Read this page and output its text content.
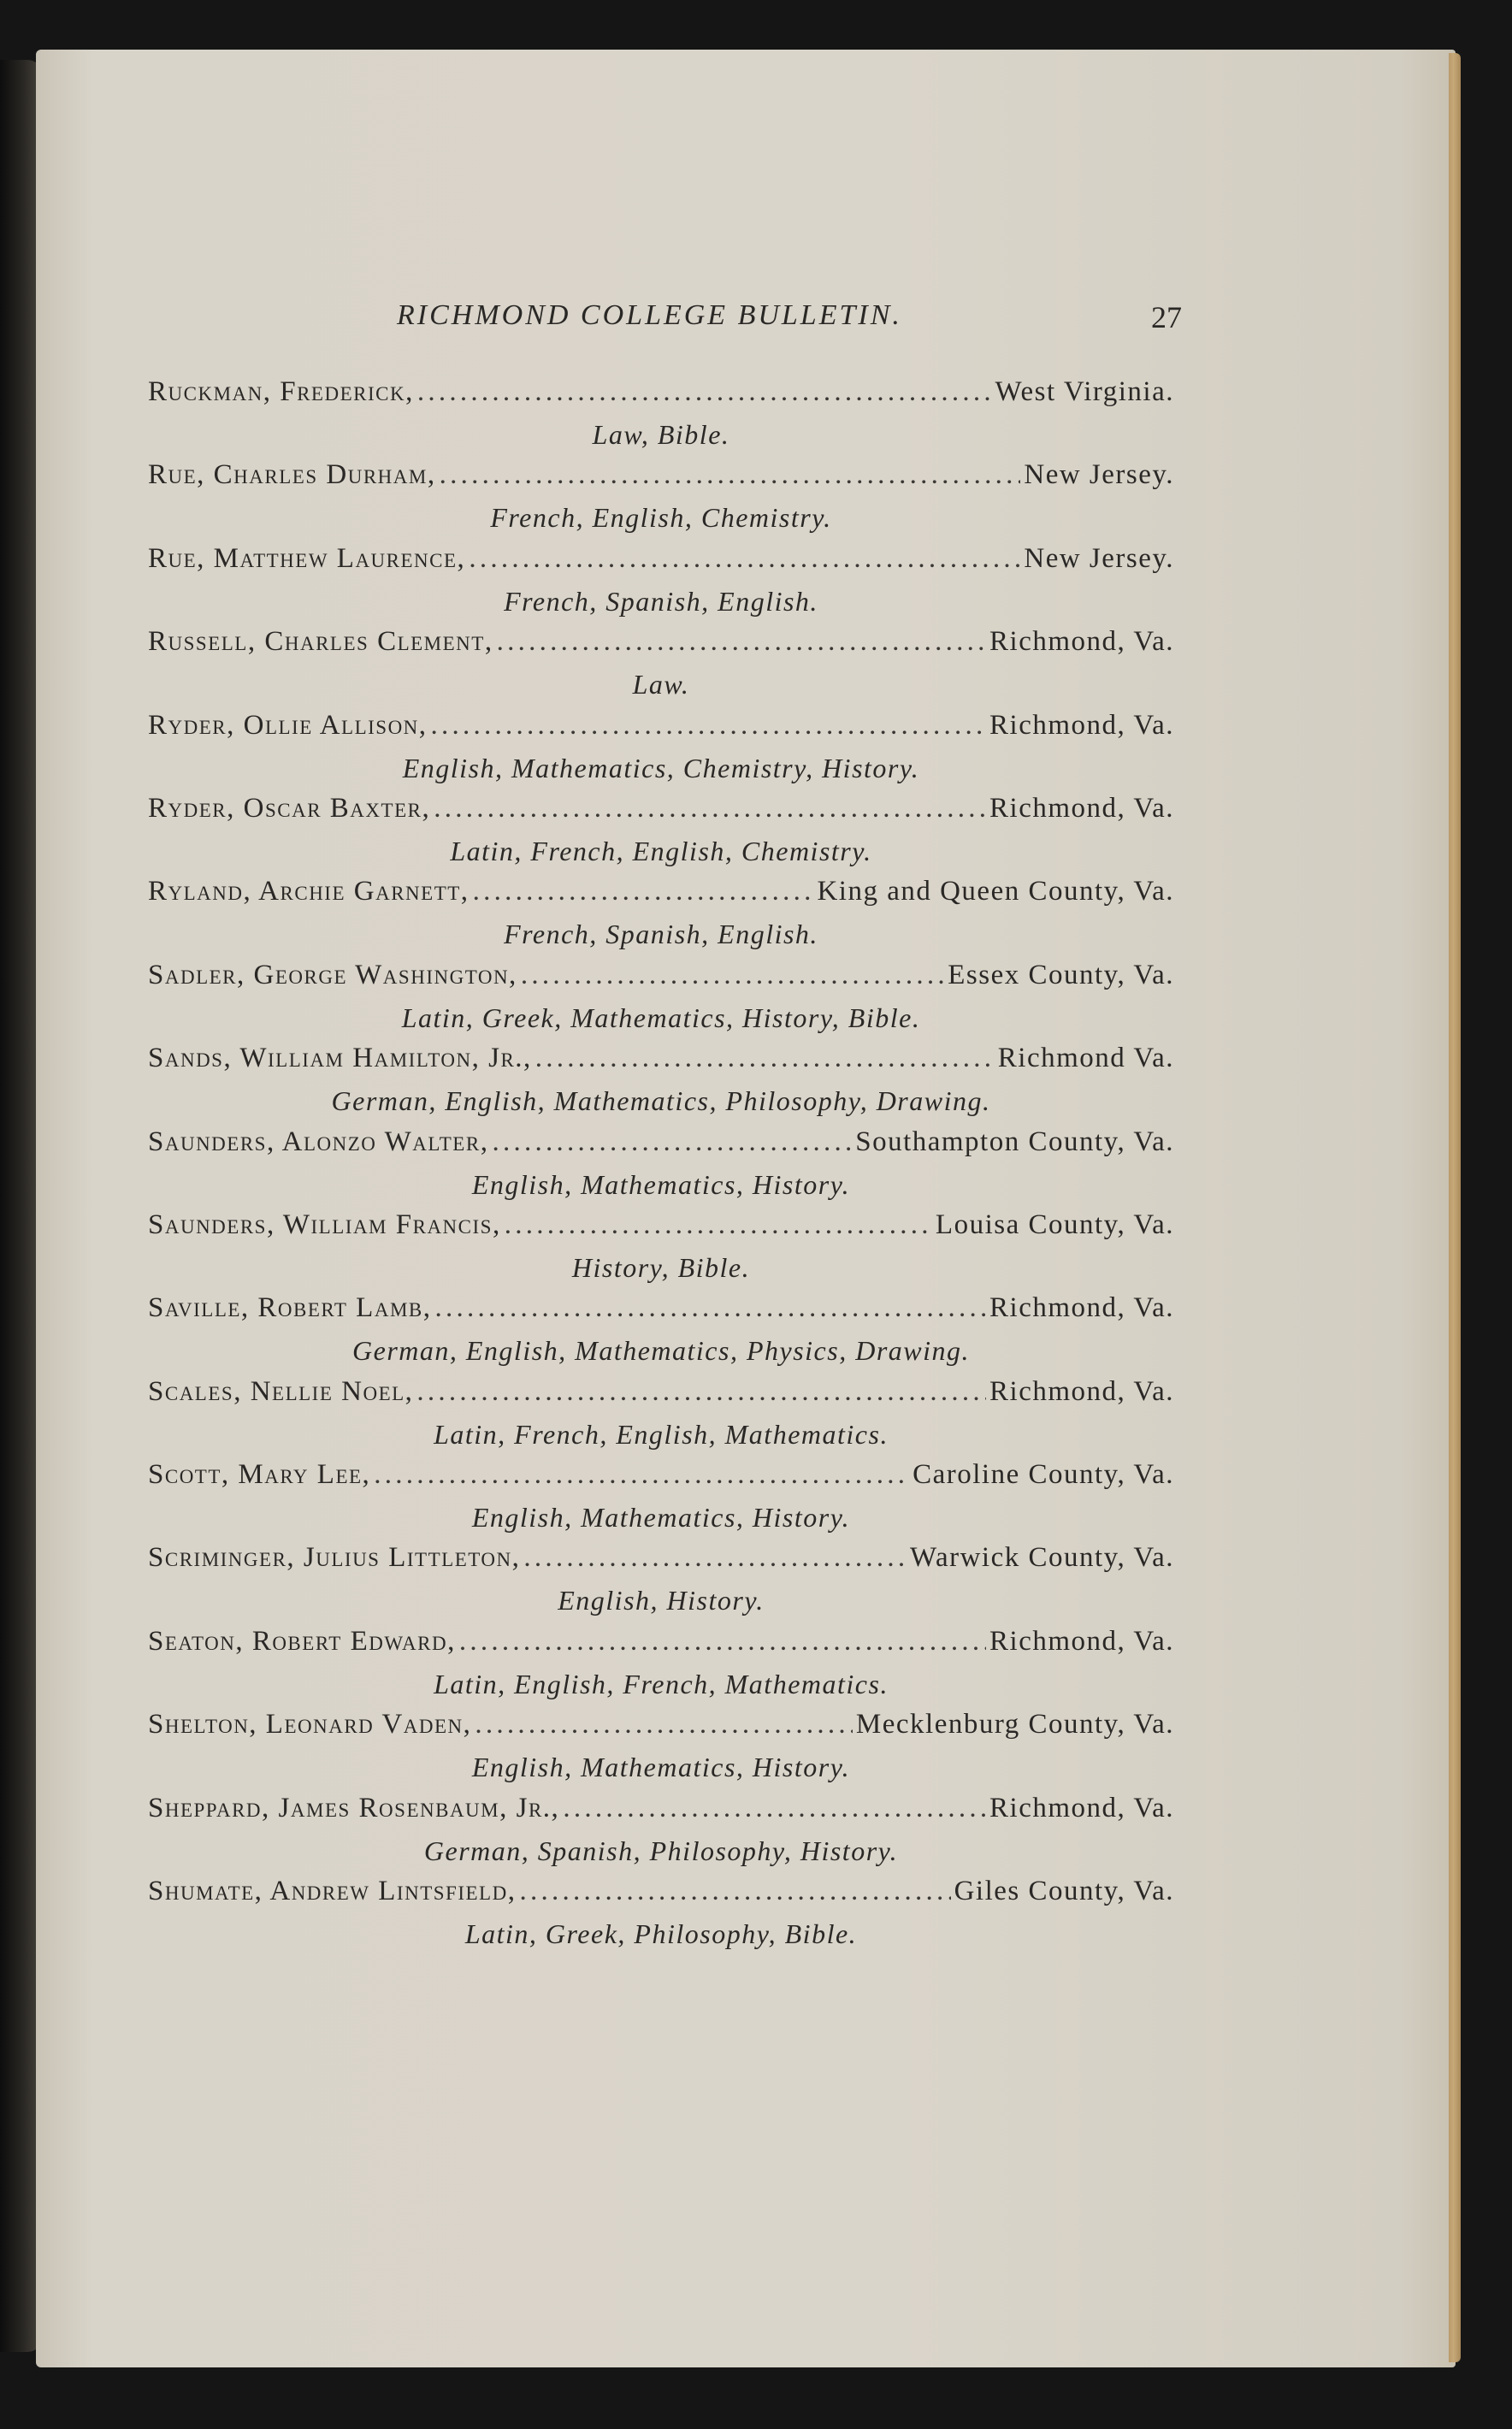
RICHMOND COLLEGE BULLETIN.	27
Ruckman, Frederick, . . .	West Virginia.
Law, Bible.
Rue, Charles Durham, . . .	New Jersey.
French, English, Chemistry.
Rue, Matthew Laurence, . . .	New Jersey.
French, Spanish, English.
Russell, Charles Clement, . . .	Richmond, Va.
Law.
Ryder, Ollie Allison, . . .	Richmond, Va.
English, Mathematics, Chemistry, History.
Ryder, Oscar Baxter, . . .	Richmond, Va.
Latin, French, English, Chemistry.
Ryland, Archie Garnett, . . .	King and Queen County, Va.
French, Spanish, English.
Sadler, George Washington, . . .	Essex County, Va.
Latin, Greek, Mathematics, History, Bible.
Sands, William Hamilton, Jr., . . .	Richmond Va.
German, English, Mathematics, Philosophy, Drawing.
Saunders, Alonzo Walter, . . .	Southampton County, Va.
English, Mathematics, History.
Saunders, William Francis, . . .	Louisa County, Va.
History, Bible.
Saville, Robert Lamb, . . .	Richmond, Va.
German, English, Mathematics, Physics, Drawing.
Scales, Nellie Noel, . . .	Richmond, Va.
Latin, French, English, Mathematics.
Scott, Mary Lee, . . .	Caroline County, Va.
English, Mathematics, History.
Scriminger, Julius Littleton, . . .	Warwick County, Va.
English, History.
Seaton, Robert Edward, . . .	Richmond, Va.
Latin, English, French, Mathematics.
Shelton, Leonard Vaden, . . .	Mecklenburg County, Va.
English, Mathematics, History.
Sheppard, James Rosenbaum, Jr., . . .	Richmond, Va.
German, Spanish, Philosophy, History.
Shumate, Andrew Lintsfield, . . .	Giles County, Va.
Latin, Greek, Philosophy, Bible.
